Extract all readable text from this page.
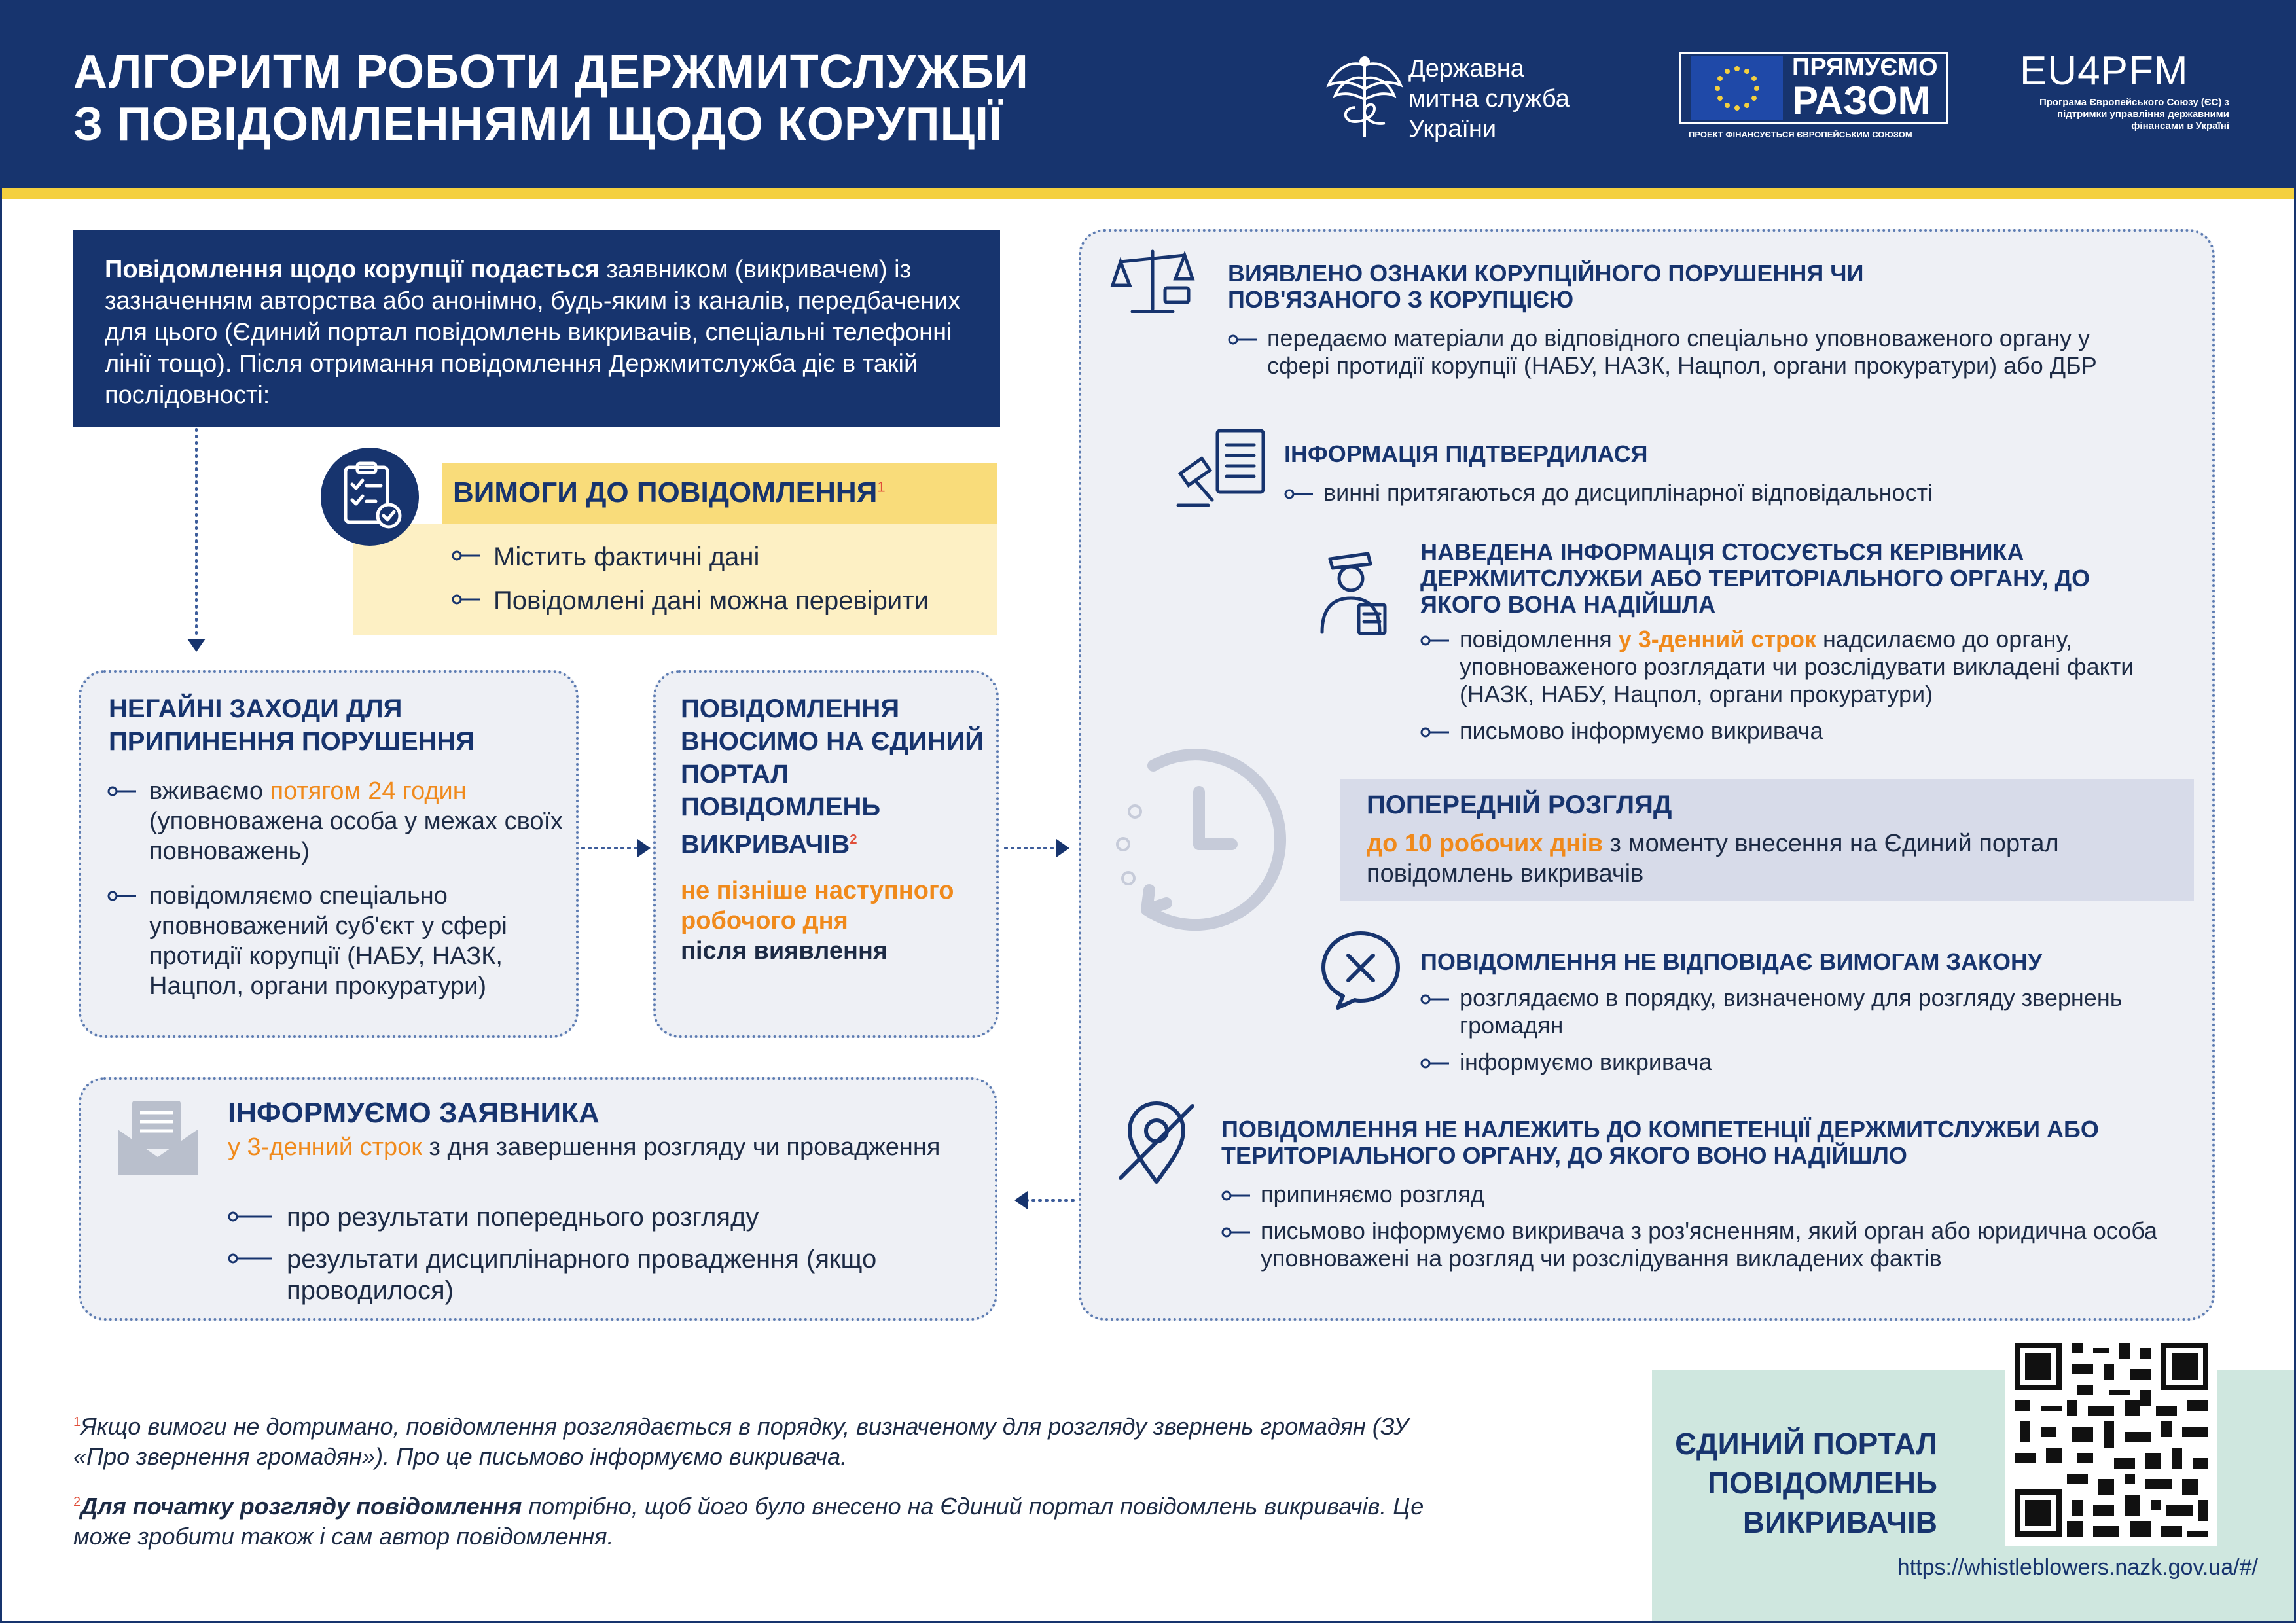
АЛГОРИТМ РОБОТИ ДЕРЖМИТСЛУЖБИ
З ПОВІДОМЛЕННЯМИ ЩОДО КОРУПЦІЇ
Державна
митна служба
України
ПРЯМУЄМО
РАЗОМ
ПРОЕКТ ФІНАНСУЄТЬСЯ ЄВРОПЕЙСЬКИМ СОЮЗОМ
EU4PFM
Програма Європейського Союзу (ЄС) з підтримки управління державними фінансами в Україні
Повідомлення щодо корупції подається заявником (викривачем) із зазначенням авторства або анонімно, будь-яким із каналів, передбачених для цього (Єдиний портал повідомлень викривачів, спеціальні телефонні лінії тощо). Після отримання повідомлення Держмитслужба діє в такій послідовності:
ВИМОГИ ДО ПОВІДОМЛЕННЯ$^1$
Містить фактичні дані
Повідомлені дані можна перевірити
НЕГАЙНІ ЗАХОДИ ДЛЯ ПРИПИНЕННЯ ПОРУШЕННЯ
вживаємо потягом 24 годин (уповноважена особа у межах своїх повноважень)
повідомляємо спеціально уповноважений суб'єкт у сфері протидії корупції (НАБУ, НАЗК, Нацпол, органи прокуратури)
ПОВІДОМЛЕННЯ ВНОСИМО НА ЄДИНИЙ ПОРТАЛ ПОВІДОМЛЕНЬ ВИКРИВАЧІВ$^2$
не пізніше наступного робочого дня
після виявлення
ІНФОРМУЄМО ЗАЯВНИКА
у 3-денний строк з дня завершення розгляду чи провадження
про результати попереднього розгляду
результати дисциплінарного провадження (якщо проводилося)
ВИЯВЛЕНО ОЗНАКИ КОРУПЦІЙНОГО ПОРУШЕННЯ ЧИ ПОВ'ЯЗАНОГО З КОРУПЦІЄЮ
передаємо матеріали до відповідного спеціально уповноваженого органу у сфері протидії корупції (НАБУ, НАЗК, Нацпол, органи прокуратури) або ДБР
ІНФОРМАЦІЯ ПІДТВЕРДИЛАСЯ
винні притягаються до дисциплінарної відповідальності
НАВЕДЕНА ІНФОРМАЦІЯ СТОСУЄТЬСЯ КЕРІВНИКА ДЕРЖМИТСЛУЖБИ АБО ТЕРИТОРІАЛЬНОГО ОРГАНУ, ДО ЯКОГО ВОНА НАДІЙШЛА
повідомлення у 3-денний строк надсилаємо до органу, уповноваженого розглядати чи розслідувати викладені факти (НАЗК, НАБУ, Нацпол, органи прокуратури)
письмово інформуємо викривача
ПОПЕРЕДНІЙ РОЗГЛЯД
до 10 робочих днів з моменту внесення на Єдиний портал повідомлень викривачів
ПОВІДОМЛЕННЯ НЕ ВІДПОВІДАЄ ВИМОГАМ ЗАКОНУ
розглядаємо в порядку, визначеному для розгляду звернень громадян
інформуємо викривача
ПОВІДОМЛЕННЯ НЕ НАЛЕЖИТЬ ДО КОМПЕТЕНЦІЇ ДЕРЖМИТСЛУЖБИ АБО ТЕРИТОРІАЛЬНОГО ОРГАНУ, ДО ЯКОГО ВОНО НАДІЙШЛО
припиняємо розгляд
письмово інформуємо викривача з роз'ясненням, який орган або юридична особа уповноважені на розгляд чи розслідування викладених фактів
$^1$Якщо вимоги не дотримано, повідомлення розглядається в порядку, визначеному для розгляду звернень громадян (ЗУ «Про звернення громадян»). Про це письмово інформуємо викривача.
$^2$Для початку розгляду повідомлення потрібно, щоб його було внесено на Єдиний портал повідомлень викривачів. Це може зробити також і сам автор повідомлення.
ЄДИНИЙ ПОРТАЛ
ПОВІДОМЛЕНЬ
ВИКРИВАЧІВ
https://whistleblowers.nazk.gov.ua/#/
